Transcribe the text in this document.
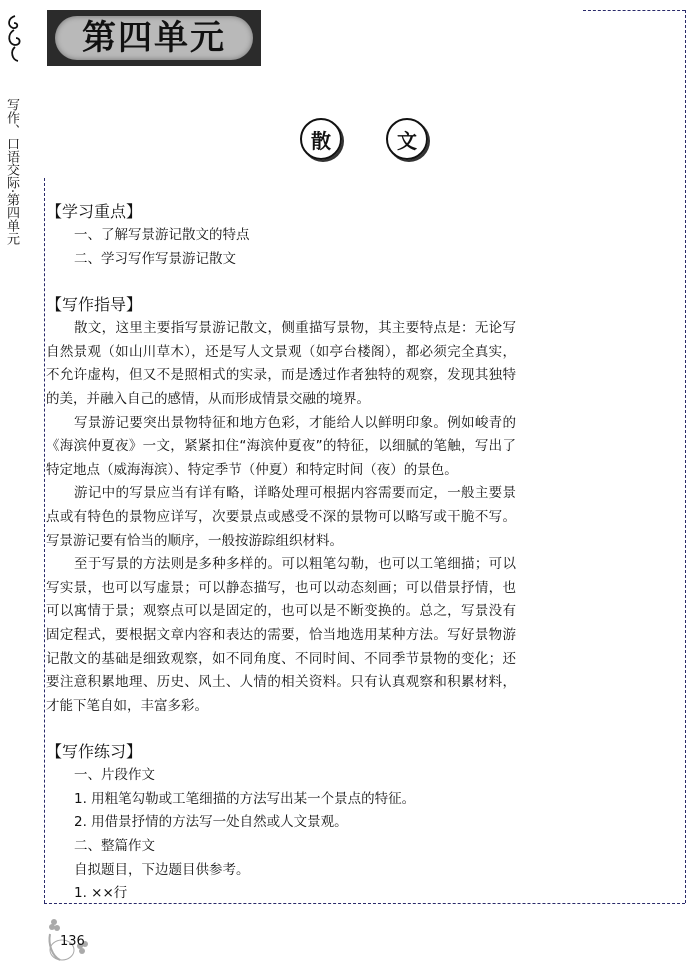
第四单元
写作、口语交际·第四单元	散	文

【学习重点】

一、了解写景游记散文的特点

二、学习写作写景游记散文

【写作指导】

散文，这里主要指写景游记散文，侧重描写景物，其主要特点是：无论写自然景观（如山川草木），还是写人文景观（如亭台楼阁），都必须完全真实，不允许虚构，但又不是照相式的实录，而是透过作者独特的观察，发现其独特的美，并融入自己的感情，从而形成情景交融的境界。

写景游记要突出景物特征和地方色彩，才能给人以鲜明印象。例如峻青的《海滨仲夏夜》一文，紧紧扣住“海滨仲夏夜”的特征，以细腻的笔触，写出了特定地点（威海海滨）、特定季节（仲夏）和特定时间（夜）的景色。

游记中的写景应当有详有略，详略处理可根据内容需要而定，一般主要景点或有特色的景物应详写，次要景点或感受不深的景物可以略写或干脆不写。写景游记要有恰当的顺序，一般按游踪组织材料。

至于写景的方法则是多种多样的。可以粗笔勾勒，也可以工笔细描；可以写实景，也可以写虚景；可以静态描写，也可以动态刻画；可以借景抒情，也可以寓情于景；观察点可以是固定的，也可以是不断变换的。总之，写景没有固定程式，要根据文章内容和表达的需要，恰当地选用某种方法。写好景物游记散文的基础是细致观察，如不同角度、不同时间、不同季节景物的变化；还要注意积累地理、历史、风土、人情的相关资料。只有认真观察和积累材料，才能下笔自如，丰富多彩。

【写作练习】

一、片段作文

1. 用粗笔勾勒或工笔细描的方法写出某一个景点的特征。

2. 用借景抒情的方法写一处自然或人文景观。

二、整篇作文

自拟题目，下边题目供参考。

1. ××行

136
